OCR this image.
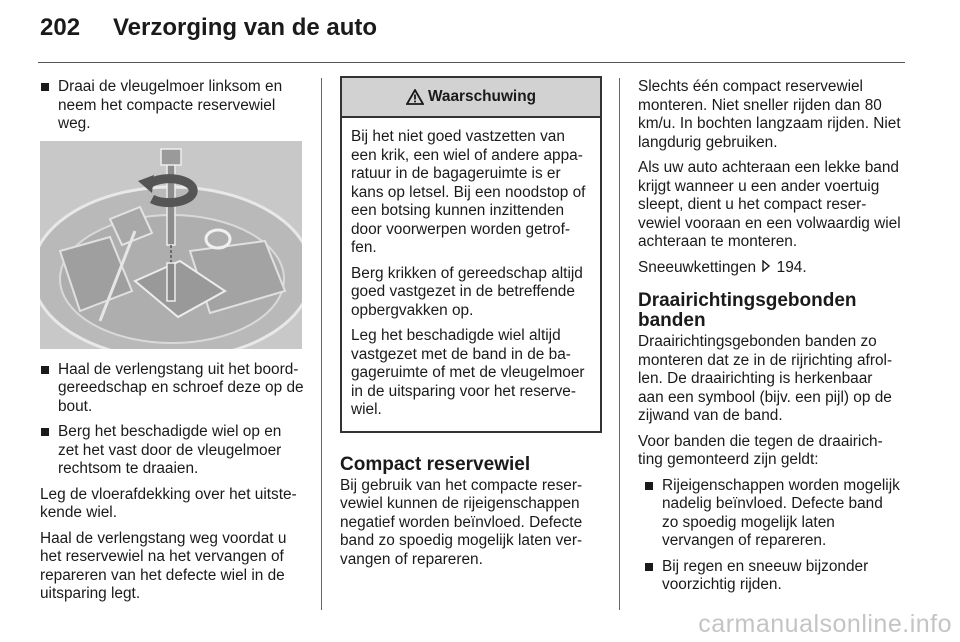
202 Verzorging van de auto
Draai de vleugelmoer linksom en neem het compacte reservewiel weg.
Haal de verlengstang uit het boordgereedschap en schroef deze op de bout.
Berg het beschadigde wiel op en zet het vast door de vleugelmoer rechtsom te draaien.

Leg de vloerafdekking over het uitstekende wiel.

Haal de verlengstang weg voordat u het reservewiel na het vervangen of repareren van het defecte wiel in de uitsparing legt.

Waarschuwing

Bij het niet goed vastzetten van een krik, een wiel of andere apparatuur in de bagageruimte is er kans op letsel. Bij een noodstop of een botsing kunnen inzittenden door voorwerpen worden getroffen.

Berg krikken of gereedschap altijd goed vastgezet in de betreffende opbergvakken op.

Leg het beschadigde wiel altijd vastgezet met de band in de bagageruimte of met de vleugelmoer in de uitsparing voor het reservewiel.

Compact reservewiel

Bij gebruik van het compacte reservewiel kunnen de rijeigenschappen negatief worden beïnvloed. Defecte band zo spoedig mogelijk laten vervangen of repareren.

Slechts één compact reservewiel monteren. Niet sneller rijden dan 80 km/u. In bochten langzaam rijden. Niet langdurig gebruiken.

Als uw auto achteraan een lekke band krijgt wanneer u een ander voertuig sleept, dient u het compact reservewiel vooraan en een volwaardig wiel achteraan te monteren.

Sneeuwkettingen 194.

Draairichtingsgebonden banden

Draairichtingsgebonden banden zo monteren dat ze in de rijrichting afrollen. De draairichting is herkenbaar aan een symbool (bijv. een pijl) op de zijwand van de band.

Voor banden die tegen de draairichting gemonteerd zijn geldt:

Rijeigenschappen worden mogelijk nadelig beïnvloed. Defecte band zo spoedig mogelijk laten vervangen of repareren.
Bij regen en sneeuw bijzonder voorzichtig rijden.
carmanualsonline.info
